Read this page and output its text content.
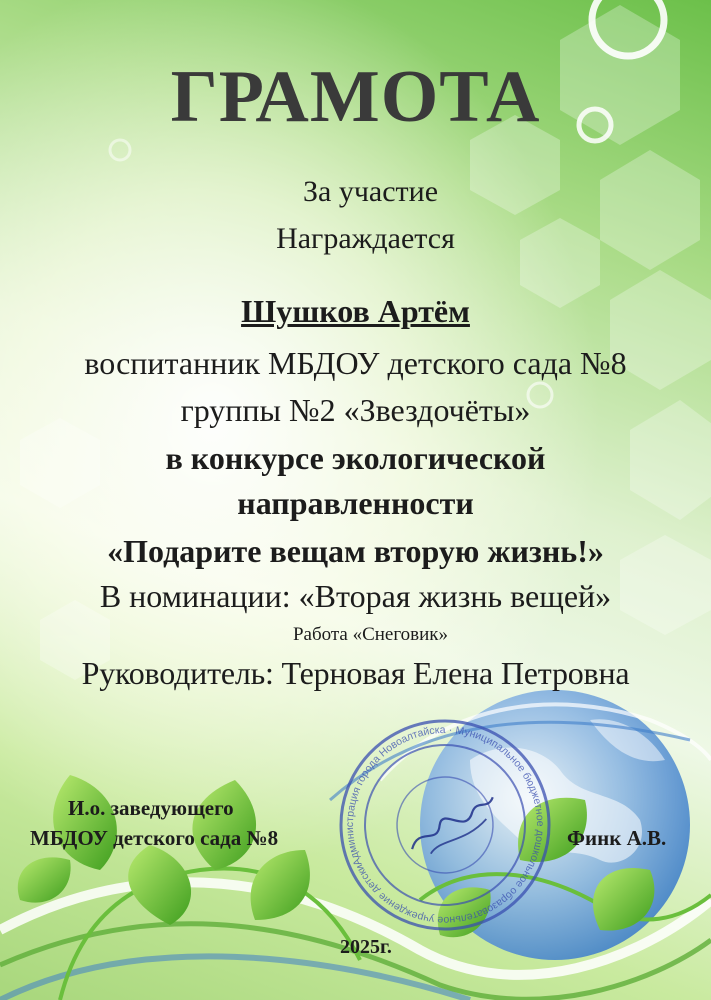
ГРАМОТА
За участие
Награждается
Шушков Артём
воспитанник МБДОУ детского сада №8
группы №2 «Звездочёты»
в конкурсе экологической
направленности
«Подарите вещам вторую жизнь!»
В номинации: «Вторая жизнь вещей»
Работа «Снеговик»
Руководитель: Терновая Елена Петровна
Администрация города Новоалтайска · Муниципальное бюджетное дошкольное образовательное учреждение детский
И.о. заведующего
МБДОУ детского сада №8	Финк А.В.
2025г.
